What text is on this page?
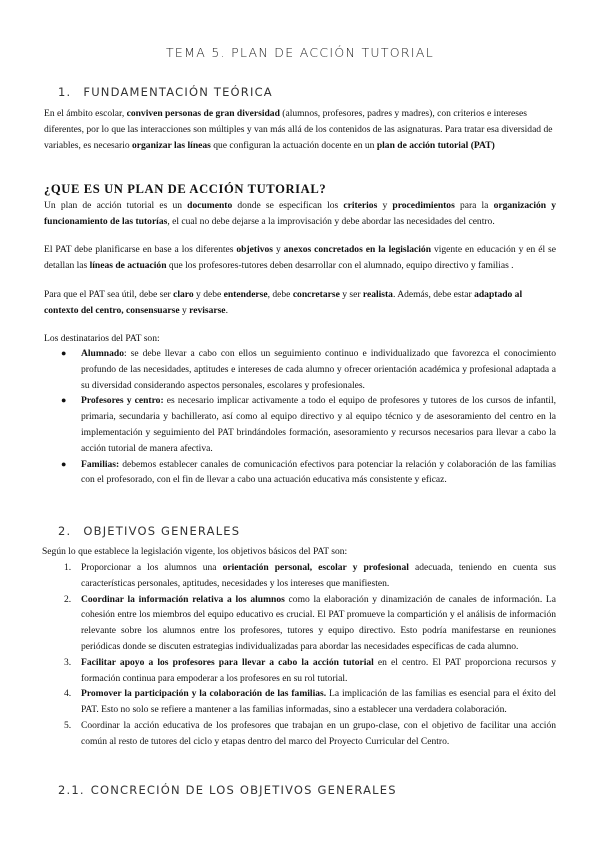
TEMA 5. PLAN DE ACCIÓN TUTORIAL
1. FUNDAMENTACIÓN TEÓRICA
En el ámbito escolar, conviven personas de gran diversidad (alumnos, profesores, padres y madres), con criterios e intereses diferentes, por lo que las interacciones son múltiples y van más allá de los contenidos de las asignaturas. Para tratar esa diversidad de variables, es necesario organizar las líneas que configuran la actuación docente en un plan de acción tutorial (PAT)
¿QUE ES UN PLAN DE ACCIÓN TUTORIAL?
Un plan de acción tutorial es un documento donde se especifican los criterios y procedimientos para la organización y funcionamiento de las tutorías, el cual no debe dejarse a la improvisación y debe abordar las necesidades del centro.
El PAT debe planificarse en base a los diferentes objetivos y anexos concretados en la legislación vigente en educación y en él se detallan las líneas de actuación que los profesores-tutores deben desarrollar con el alumnado, equipo directivo y familias .
Para que el PAT sea útil, debe ser claro y debe entenderse, debe concretarse y ser realista. Además, debe estar adaptado al contexto del centro, consensuarse y revisarse.
Los destinatarios del PAT son:
● Alumnado: se debe llevar a cabo con ellos un seguimiento continuo e individualizado que favorezca el conocimiento profundo de las necesidades, aptitudes e intereses de cada alumno y ofrecer orientación académica y profesional adaptada a su diversidad considerando aspectos personales, escolares y profesionales.
● Profesores y centro: es necesario implicar activamente a todo el equipo de profesores y tutores de los cursos de infantil, primaria, secundaria y bachillerato, así como al equipo directivo y al equipo técnico y de asesoramiento del centro en la implementación y seguimiento del PAT brindándoles formación, asesoramiento y recursos necesarios para llevar a cabo la acción tutorial de manera afectiva.
● Familias: debemos establecer canales de comunicación efectivos para potenciar la relación y colaboración de las familias con el profesorado, con el fin de llevar a cabo una actuación educativa más consistente y eficaz.
2. OBJETIVOS GENERALES
Según lo que establece la legislación vigente, los objetivos básicos del PAT son:
1. Proporcionar a los alumnos una orientación personal, escolar y profesional adecuada, teniendo en cuenta sus características personales, aptitudes, necesidades y los intereses que manifiesten.
2. Coordinar la información relativa a los alumnos como la elaboración y dinamización de canales de información. La cohesión entre los miembros del equipo educativo es crucial. El PAT promueve la compartición y el análisis de información relevante sobre los alumnos entre los profesores, tutores y equipo directivo. Esto podría manifestarse en reuniones periódicas donde se discuten estrategias individualizadas para abordar las necesidades específicas de cada alumno.
3. Facilitar apoyo a los profesores para llevar a cabo la acción tutorial en el centro. El PAT proporciona recursos y formación continua para empoderar a los profesores en su rol tutorial.
4. Promover la participación y la colaboración de las familias. La implicación de las familias es esencial para el éxito del PAT. Esto no solo se refiere a mantener a las familias informadas, sino a establecer una verdadera colaboración.
5. Coordinar la acción educativa de los profesores que trabajan en un grupo-clase, con el objetivo de facilitar una acción común al resto de tutores del ciclo y etapas dentro del marco del Proyecto Curricular del Centro.
2.1. CONCRECIÓN DE LOS OBJETIVOS GENERALES
